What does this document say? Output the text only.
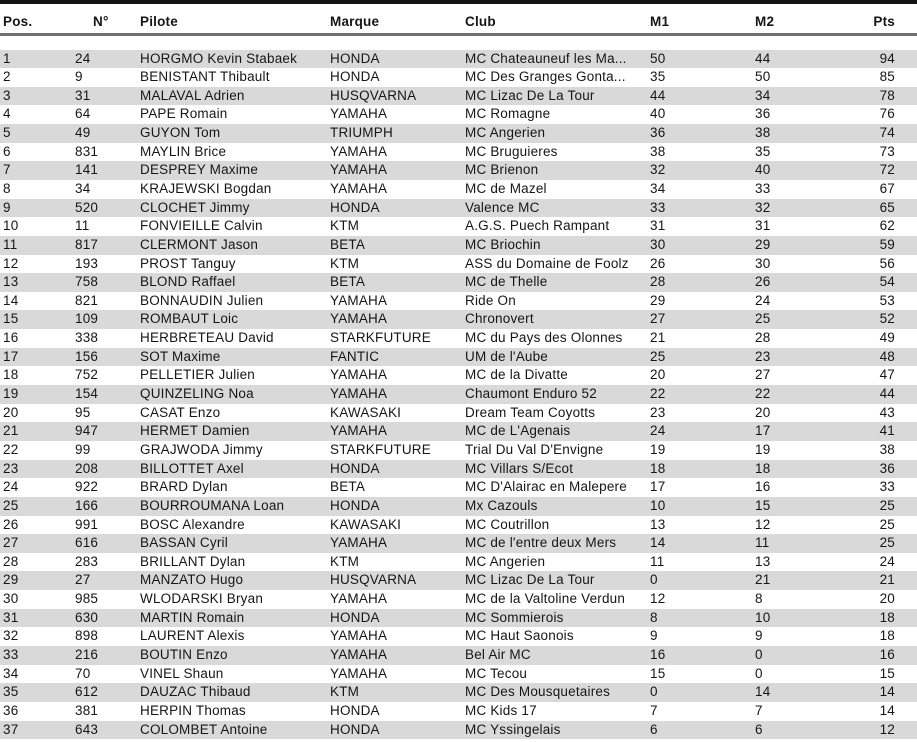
Pos.	N°	Pilote	Marque	Club	M1	M2	Pts
1	24	HORGMO Kevin Stabaek	HONDA	MC Chateauneuf les Ma...	50	44	94
2	9	BENISTANT Thibault	HONDA	MC Des Granges Gonta...	35	50	85
3	31	MALAVAL Adrien	HUSQVARNA	MC Lizac De La Tour	44	34	78
4	64	PAPE Romain	YAMAHA	MC Romagne	40	36	76
5	49	GUYON Tom	TRIUMPH	MC Angerien	36	38	74
6	831	MAYLIN Brice	YAMAHA	MC Bruguieres	38	35	73
7	141	DESPREY Maxime	YAMAHA	MC Brienon	32	40	72
8	34	KRAJEWSKI Bogdan	YAMAHA	MC de Mazel	34	33	67
9	520	CLOCHET Jimmy	HONDA	Valence MC	33	32	65
10	11	FONVIEILLE Calvin	KTM	A.G.S. Puech Rampant	31	31	62
11	817	CLERMONT Jason	BETA	MC Briochin	30	29	59
12	193	PROST Tanguy	KTM	ASS du Domaine de Foolz	26	30	56
13	758	BLOND Raffael	BETA	MC de Thelle	28	26	54
14	821	BONNAUDIN Julien	YAMAHA	Ride On	29	24	53
15	109	ROMBAUT Loic	YAMAHA	Chronovert	27	25	52
16	338	HERBRETEAU David	STARKFUTURE	MC du Pays des Olonnes	21	28	49
17	156	SOT Maxime	FANTIC	UM de l'Aube	25	23	48
18	752	PELLETIER Julien	YAMAHA	MC de la Divatte	20	27	47
19	154	QUINZELING Noa	YAMAHA	Chaumont Enduro 52	22	22	44
20	95	CASAT Enzo	KAWASAKI	Dream Team Coyotts	23	20	43
21	947	HERMET Damien	YAMAHA	MC de L'Agenais	24	17	41
22	99	GRAJWODA Jimmy	STARKFUTURE	Trial Du Val D'Envigne	19	19	38
23	208	BILLOTTET Axel	HONDA	MC Villars S/Ecot	18	18	36
24	922	BRARD Dylan	BETA	MC D'Alairac en Malepere	17	16	33
25	166	BOURROUMANA Loan	HONDA	Mx Cazouls	10	15	25
26	991	BOSC Alexandre	KAWASAKI	MC Coutrillon	13	12	25
27	616	BASSAN Cyril	YAMAHA	MC de l'entre deux Mers	14	11	25
28	283	BRILLANT Dylan	KTM	MC Angerien	11	13	24
29	27	MANZATO Hugo	HUSQVARNA	MC Lizac De La Tour	0	21	21
30	985	WLODARSKI Bryan	YAMAHA	MC de la Valtoline Verdun	12	8	20
31	630	MARTIN Romain	HONDA	MC Sommierois	8	10	18
32	898	LAURENT Alexis	YAMAHA	MC Haut Saonois	9	9	18
33	216	BOUTIN Enzo	YAMAHA	Bel Air MC	16	0	16
34	70	VINEL Shaun	YAMAHA	MC Tecou	15	0	15
35	612	DAUZAC Thibaud	KTM	MC Des Mousquetaires	0	14	14
36	381	HERPIN Thomas	HONDA	MC Kids 17	7	7	14
37	643	COLOMBET Antoine	HONDA	MC Yssingelais	6	6	12
